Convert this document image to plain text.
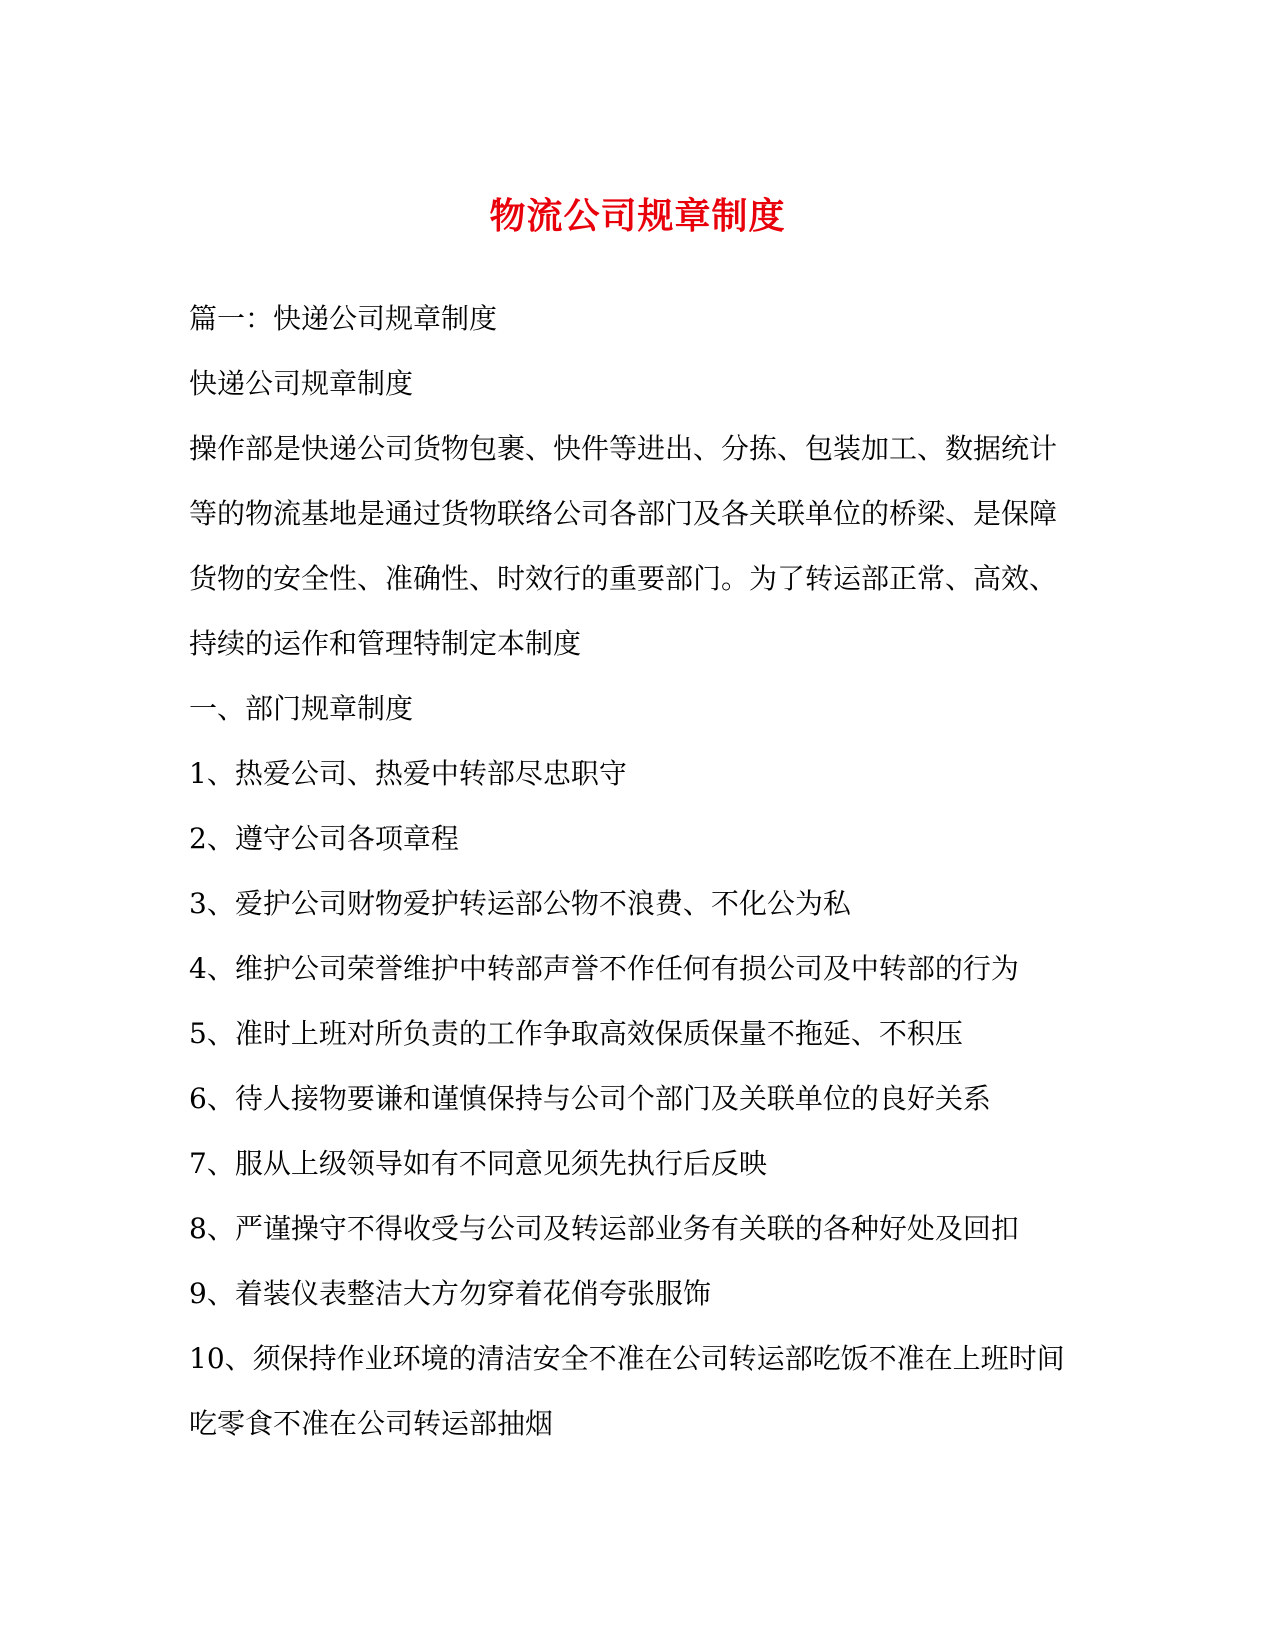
物流公司规章制度

篇一：快递公司规章制度

快递公司规章制度

操作部是快递公司货物包裹、快件等进出、分拣、包装加工、数据统计等的物流基地是通过货物联络公司各部门及各关联单位的桥梁、是保障货物的安全性、准确性、时效行的重要部门。为了转运部正常、高效、持续的运作和管理特制定本制度

一、部门规章制度

1、热爱公司、热爱中转部尽忠职守

2、遵守公司各项章程

3、爱护公司财物爱护转运部公物不浪费、不化公为私

4、维护公司荣誉维护中转部声誉不作任何有损公司及中转部的行为

5、准时上班对所负责的工作争取高效保质保量不拖延、不积压

6、待人接物要谦和谨慎保持与公司个部门及关联单位的良好关系

7、服从上级领导如有不同意见须先执行后反映

8、严谨操守不得收受与公司及转运部业务有关联的各种好处及回扣

9、着装仪表整洁大方勿穿着花俏夸张服饰

10、须保持作业环境的清洁安全不准在公司转运部吃饭不准在上班时间吃零食不准在公司转运部抽烟
